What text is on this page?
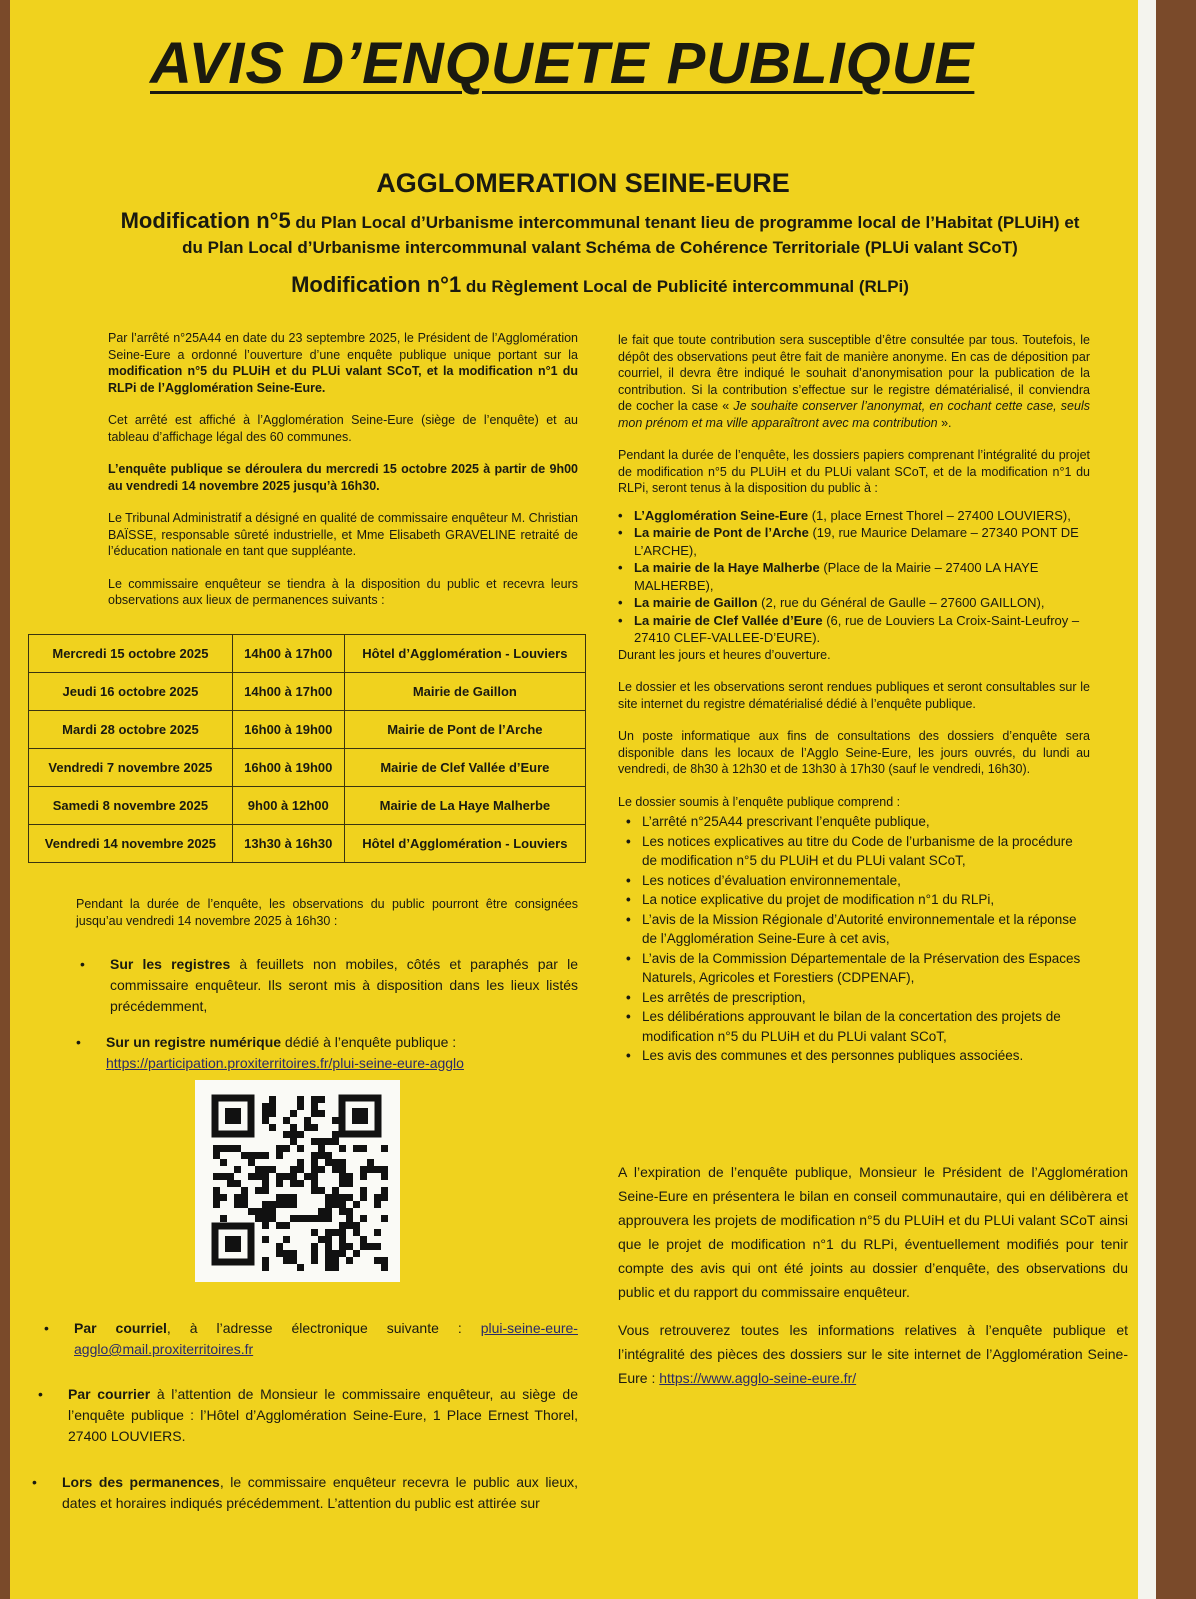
AVIS D’ENQUETE PUBLIQUE
AGGLOMERATION SEINE-EURE
Modification n°5 du Plan Local d’Urbanisme intercommunal tenant lieu de programme local de l’Habitat (PLUiH) et du Plan Local d’Urbanisme intercommunal valant Schéma de Cohérence Territoriale (PLUi valant SCoT)
Modification n°1 du Règlement Local de Publicité intercommunal (RLPi)

Par l’arrêté n°25A44 en date du 23 septembre 2025, le Président de l’Agglomération Seine-Eure a ordonné l’ouverture d’une enquête publique unique portant sur la modification n°5 du PLUiH et du PLUi valant SCoT, et la modification n°1 du RLPi de l’Agglomération Seine-Eure.

Cet arrêté est affiché à l’Agglomération Seine-Eure (siège de l’enquête) et au tableau d’affichage légal des 60 communes.

L’enquête publique se déroulera du mercredi 15 octobre 2025 à partir de 9h00 au vendredi 14 novembre 2025 jusqu’à 16h30.

Le Tribunal Administratif a désigné en qualité de commissaire enquêteur M. Christian BAÏSSE, responsable sûreté industrielle, et Mme Elisabeth GRAVELINE retraité de l’éducation nationale en tant que suppléante.

Le commissaire enquêteur se tiendra à la disposition du public et recevra leurs observations aux lieux de permanences suivants :

Mercredi 15 octobre 2025	14h00 à 17h00	Hôtel d’Agglomération - Louviers
Jeudi 16 octobre 2025	14h00 à 17h00	Mairie de Gaillon
Mardi 28 octobre 2025	16h00 à 19h00	Mairie de Pont de l’Arche
Vendredi 7 novembre 2025	16h00 à 19h00	Mairie de Clef Vallée d’Eure
Samedi 8 novembre 2025	9h00 à 12h00	Mairie de La Haye Malherbe
Vendredi 14 novembre 2025	13h30 à 16h30	Hôtel d’Agglomération - Louviers
Pendant la durée de l’enquête, les observations du public pourront être consignées jusqu’au vendredi 14 novembre 2025 à 16h30 :
• Sur les registres à feuillets non mobiles, côtés et paraphés par le commissaire enquêteur. Ils seront mis à disposition dans les lieux listés précédemment,
• Sur un registre numérique dédié à l’enquête publique :
https://participation.proxiterritoires.fr/plui-seine-eure-agglo
• Par courriel, à l’adresse électronique suivante : plui-seine-eure-agglo@mail.proxiterritoires.fr
• Par courrier à l’attention de Monsieur le commissaire enquêteur, au siège de l’enquête publique : l’Hôtel d’Agglomération Seine-Eure, 1 Place Ernest Thorel, 27400 LOUVIERS.
• Lors des permanences, le commissaire enquêteur recevra le public aux lieux, dates et horaires indiqués précédemment. L’attention du public est attirée sur

le fait que toute contribution sera susceptible d’être consultée par tous. Toutefois, le dépôt des observations peut être fait de manière anonyme. En cas de déposition par courriel, il devra être indiqué le souhait d’anonymisation pour la publication de la contribution. Si la contribution s’effectue sur le registre dématérialisé, il conviendra de cocher la case « Je souhaite conserver l’anonymat, en cochant cette case, seuls mon prénom et ma ville apparaîtront avec ma contribution ».

Pendant la durée de l’enquête, les dossiers papiers comprenant l’intégralité du projet de modification n°5 du PLUiH et du PLUi valant SCoT, et de la modification n°1 du RLPi, seront tenus à la disposition du public à :

• L’Agglomération Seine-Eure (1, place Ernest Thorel – 27400 LOUVIERS),
• La mairie de Pont de l’Arche (19, rue Maurice Delamare – 27340 PONT DE L’ARCHE),
• La mairie de la Haye Malherbe (Place de la Mairie – 27400 LA HAYE MALHERBE),
• La mairie de Gaillon (2, rue du Général de Gaulle – 27600 GAILLON),
• La mairie de Clef Vallée d’Eure (6, rue de Louviers La Croix-Saint-Leufroy – 27410 CLEF-VALLEE-D’EURE).

Durant les jours et heures d’ouverture.

Le dossier et les observations seront rendues publiques et seront consultables sur le site internet du registre dématérialisé dédié à l’enquête publique.

Un poste informatique aux fins de consultations des dossiers d’enquête sera disponible dans les locaux de l’Agglo Seine-Eure, les jours ouvrés, du lundi au vendredi, de 8h30 à 12h30 et de 13h30 à 17h30 (sauf le vendredi, 16h30).

Le dossier soumis à l’enquête publique comprend :

• L’arrêté n°25A44 prescrivant l’enquête publique,
• Les notices explicatives au titre du Code de l’urbanisme de la procédure de modification n°5 du PLUiH et du PLUi valant SCoT,
• Les notices d’évaluation environnementale,
• La notice explicative du projet de modification n°1 du RLPi,
• L’avis de la Mission Régionale d’Autorité environnementale et la réponse de l’Agglomération Seine-Eure à cet avis,
• L’avis de la Commission Départementale de la Préservation des Espaces Naturels, Agricoles et Forestiers (CDPENAF),
• Les arrêtés de prescription,
• Les délibérations approuvant le bilan de la concertation des projets de modification n°5 du PLUiH et du PLUi valant SCoT,
• Les avis des communes et des personnes publiques associées.
A l’expiration de l’enquête publique, Monsieur le Président de l’Agglomération Seine-Eure en présentera le bilan en conseil communautaire, qui en délibèrera et approuvera les projets de modification n°5 du PLUiH et du PLUi valant SCoT ainsi que le projet de modification n°1 du RLPi, éventuellement modifiés pour tenir compte des avis qui ont été joints au dossier d’enquête, des observations du public et du rapport du commissaire enquêteur.
Vous retrouverez toutes les informations relatives à l’enquête publique et l’intégralité des pièces des dossiers sur le site internet de l’Agglomération Seine-Eure : https://www.agglo-seine-eure.fr/
